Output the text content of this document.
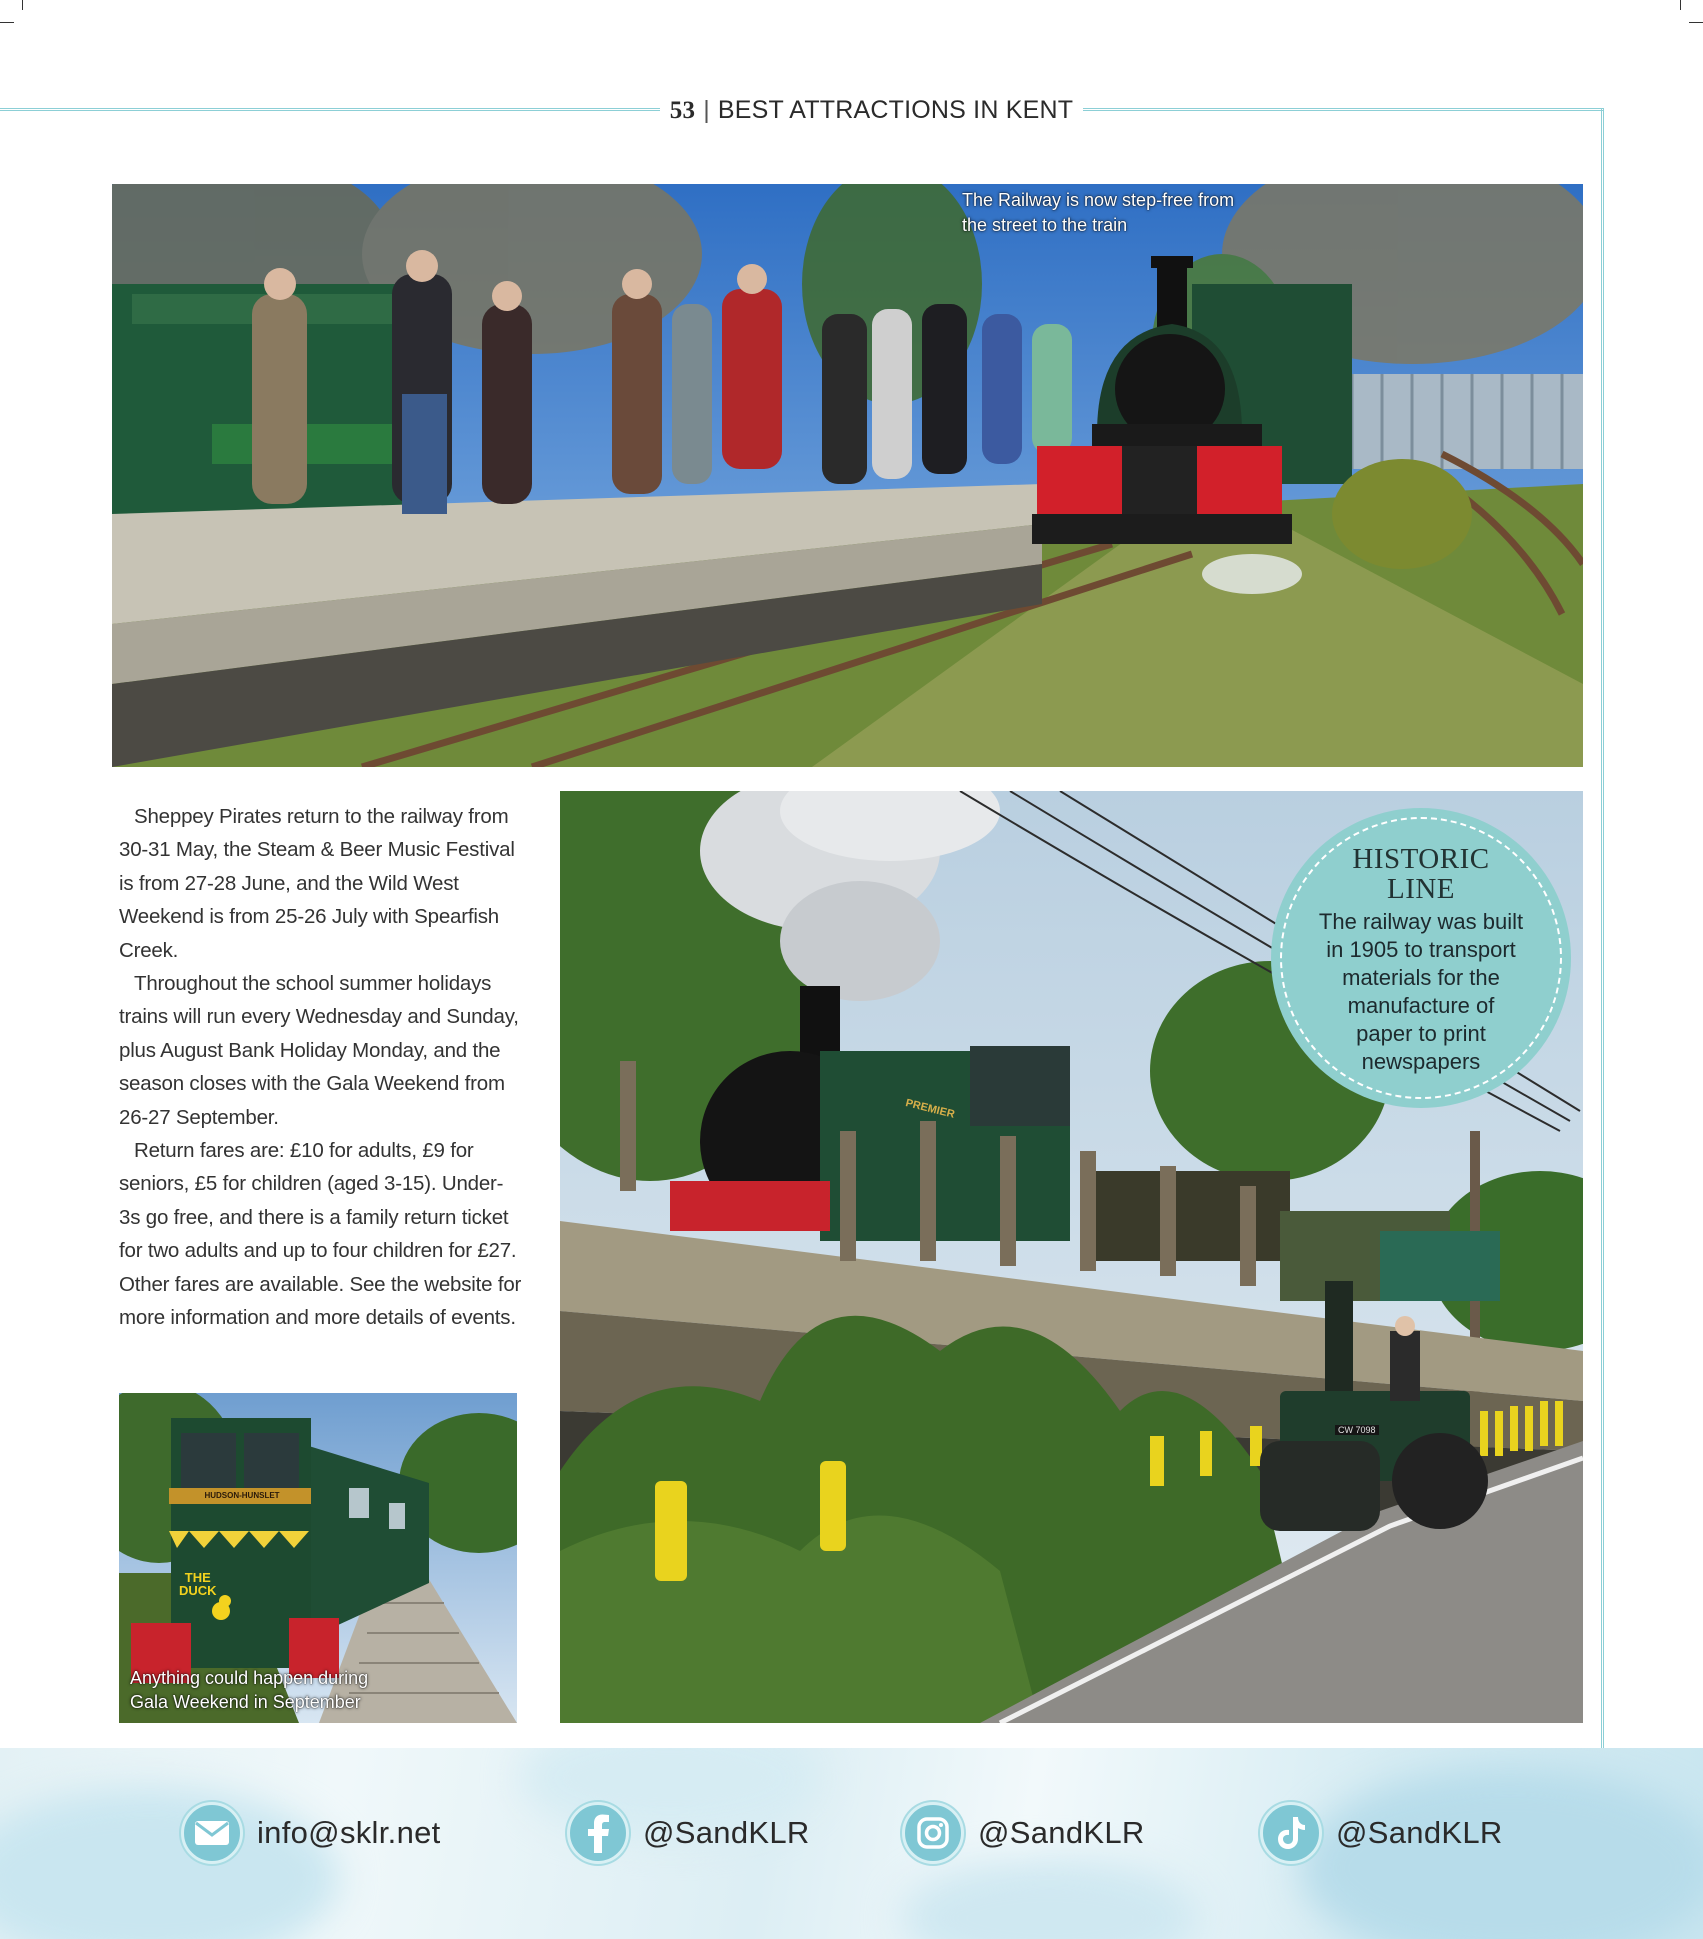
53 | BEST ATTRACTIONS IN KENT
The Railway is now step-free from
the street to the train

Sheppey Pirates return to the railway from 30-31 May, the Steam & Beer Music Festival is from 27-28 June, and the Wild West Weekend is from 25-26 July with Spearfish Creek.

Throughout the school summer holidays trains will run every Wednesday and Sunday, plus August Bank Holiday Monday, and the season closes with the Gala Weekend from 26-27 September.

Return fares are: £10 for adults, £9 for seniors, £5 for children (aged 3-15). Under-3s go free, and there is a family return ticket for two adults and up to four children for £27. Other fares are available. See the website for more information and more details of events.

HUDSON-HUNSLET
THE
DUCK
Anything could happen during
Gala Weekend in September
PREMIER
CW 7098
HISTORIC
LINE
The railway was built
in 1905 to transport
materials for the
manufacture of
paper to print
newspapers
info@sklr.net	@SandKLR	@SandKLR	@SandKLR
